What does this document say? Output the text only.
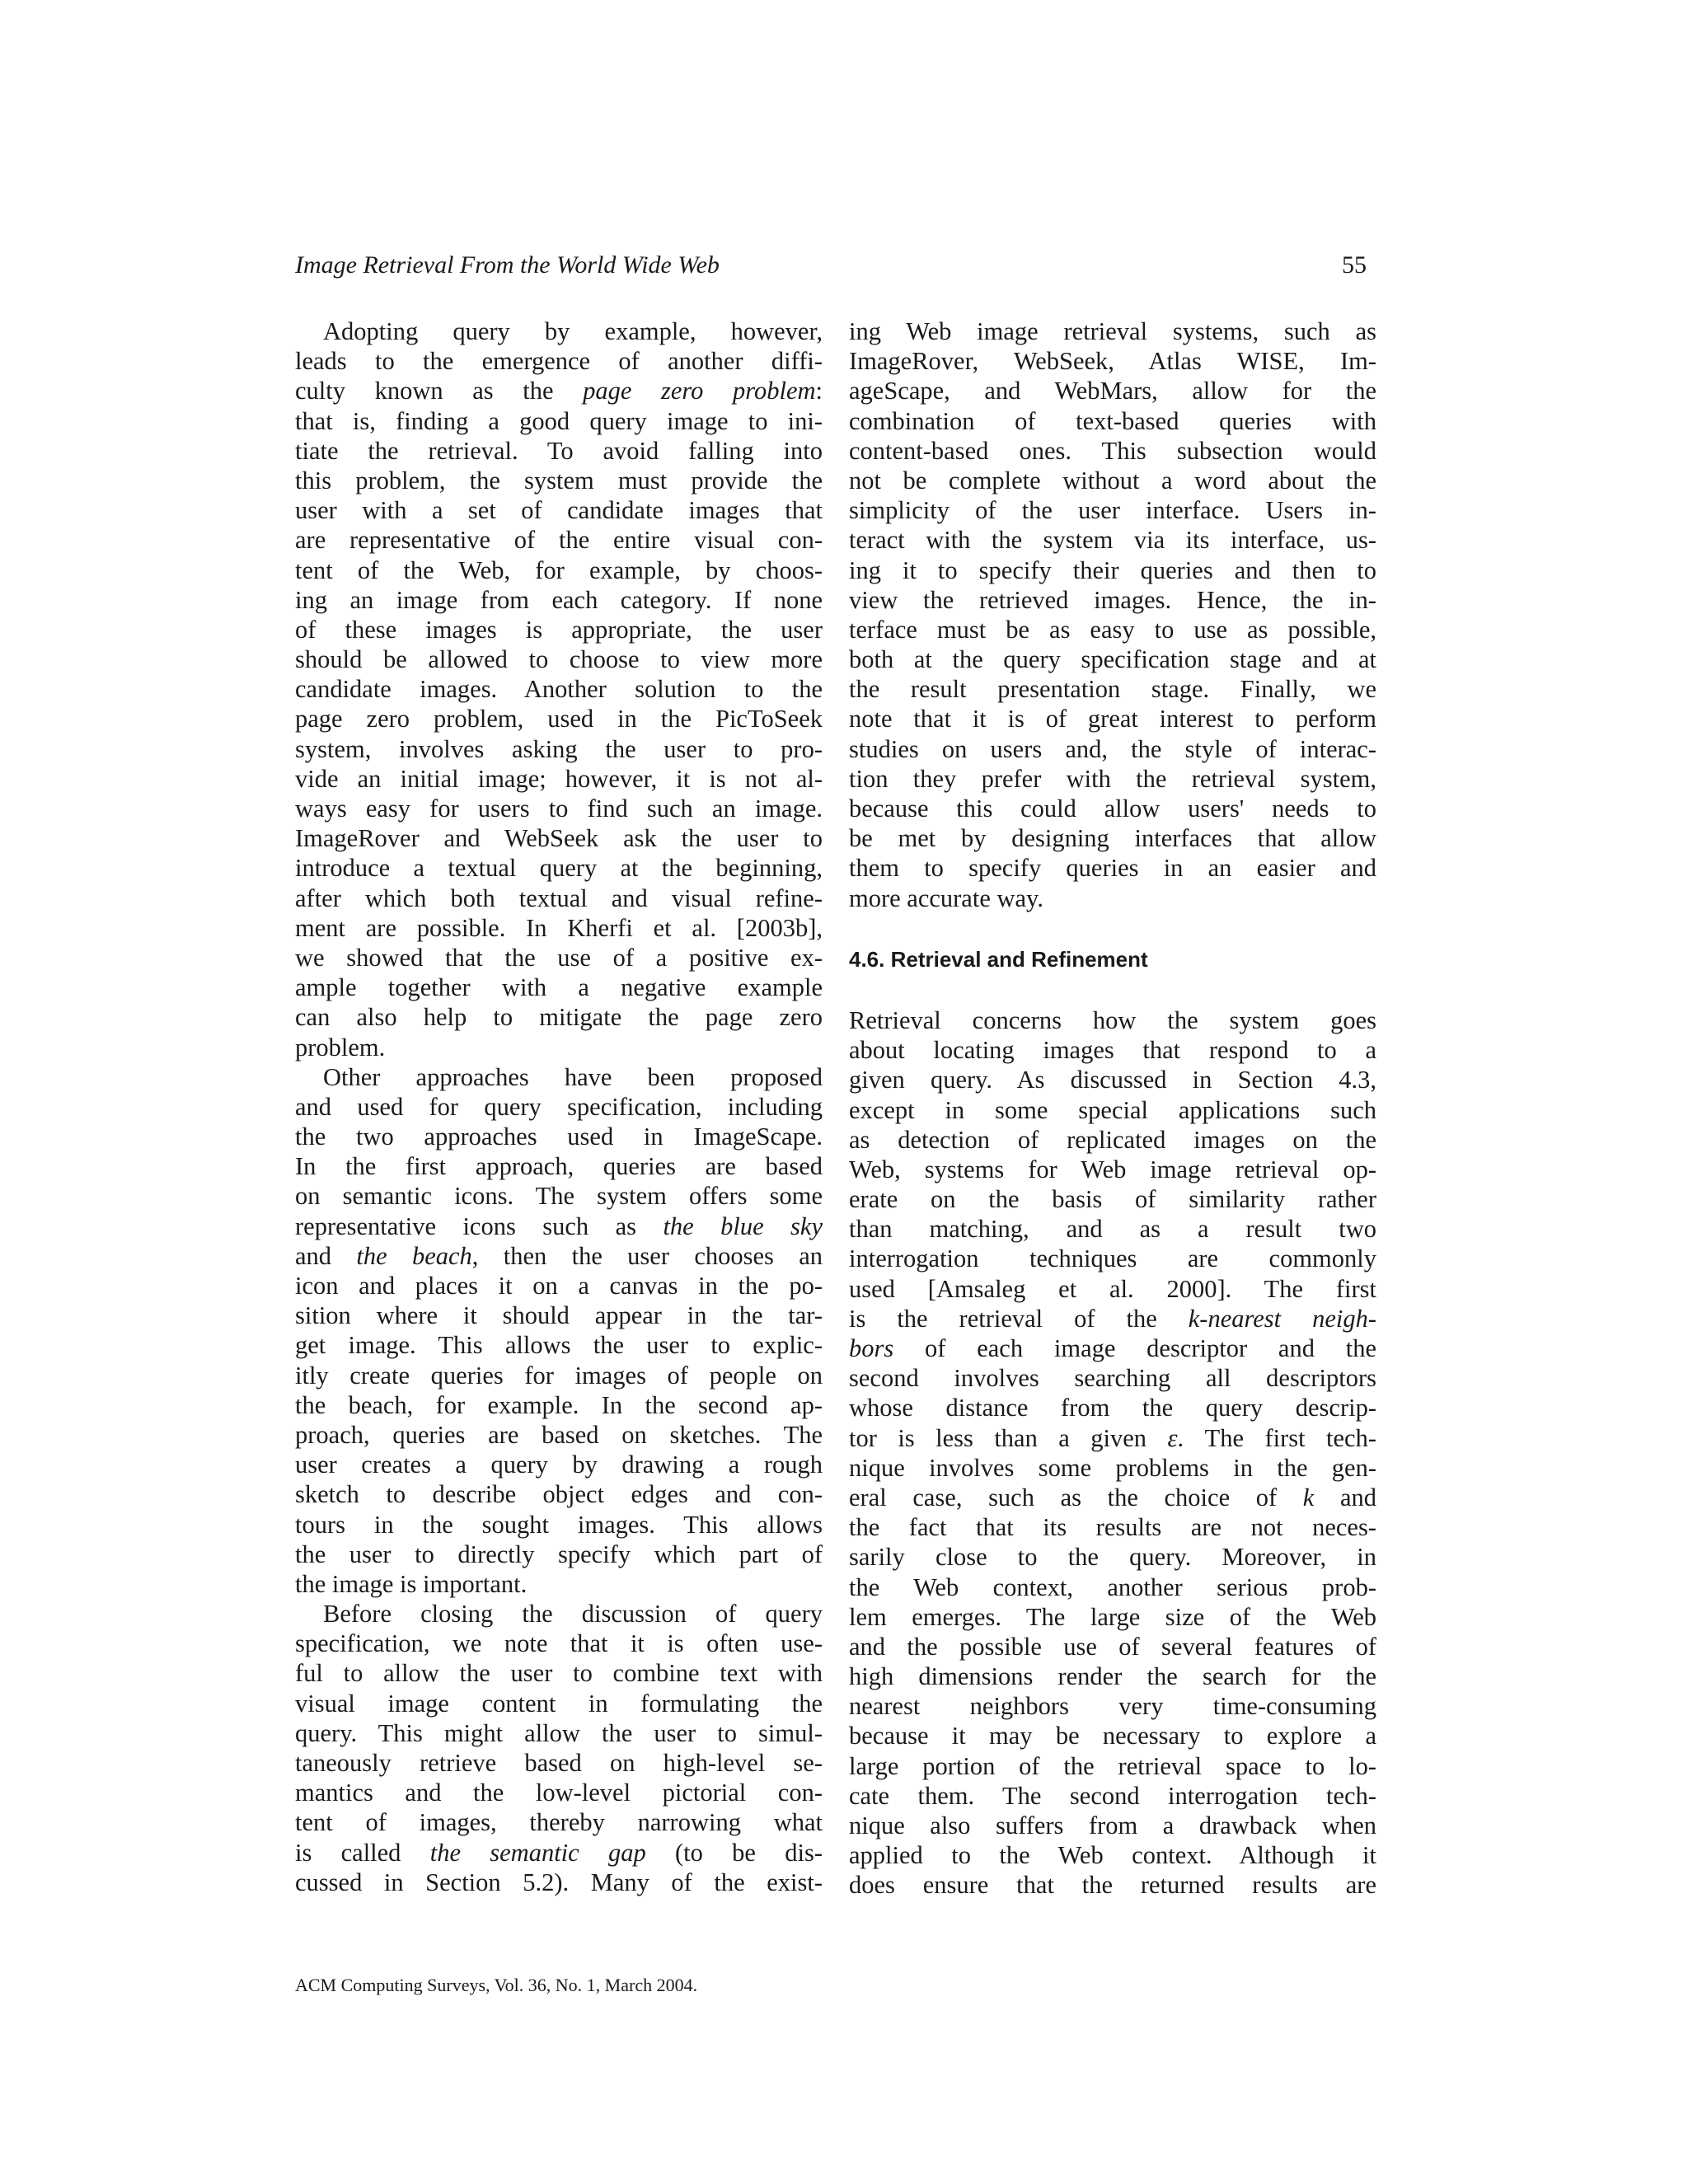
Image Retrieval From the World Wide Web	55
Adopting query by example, however,
leads to the emergence of another diffi-
culty known as the page zero problem:
that is, finding a good query image to ini-
tiate the retrieval. To avoid falling into
this problem, the system must provide the
user with a set of candidate images that
are representative of the entire visual con-
tent of the Web, for example, by choos-
ing an image from each category. If none
of these images is appropriate, the user
should be allowed to choose to view more
candidate images. Another solution to the
page zero problem, used in the PicToSeek
system, involves asking the user to pro-
vide an initial image; however, it is not al-
ways easy for users to find such an image.
ImageRover and WebSeek ask the user to
introduce a textual query at the beginning,
after which both textual and visual refine-
ment are possible. In Kherfi et al. [2003b],
we showed that the use of a positive ex-
ample together with a negative example
can also help to mitigate the page zero
problem.
Other approaches have been proposed
and used for query specification, including
the two approaches used in ImageScape.
In the first approach, queries are based
on semantic icons. The system offers some
representative icons such as the blue sky
and the beach, then the user chooses an
icon and places it on a canvas in the po-
sition where it should appear in the tar-
get image. This allows the user to explic-
itly create queries for images of people on
the beach, for example. In the second ap-
proach, queries are based on sketches. The
user creates a query by drawing a rough
sketch to describe object edges and con-
tours in the sought images. This allows
the user to directly specify which part of
the image is important.
Before closing the discussion of query
specification, we note that it is often use-
ful to allow the user to combine text with
visual image content in formulating the
query. This might allow the user to simul-
taneously retrieve based on high-level se-
mantics and the low-level pictorial con-
tent of images, thereby narrowing what
is called the semantic gap (to be dis-
cussed in Section 5.2). Many of the exist-
ing Web image retrieval systems, such as
ImageRover, WebSeek, Atlas WISE, Im-
ageScape, and WebMars, allow for the
combination of text-based queries with
content-based ones. This subsection would
not be complete without a word about the
simplicity of the user interface. Users in-
teract with the system via its interface, us-
ing it to specify their queries and then to
view the retrieved images. Hence, the in-
terface must be as easy to use as possible,
both at the query specification stage and at
the result presentation stage. Finally, we
note that it is of great interest to perform
studies on users and, the style of interac-
tion they prefer with the retrieval system,
because this could allow users' needs to
be met by designing interfaces that allow
them to specify queries in an easier and
more accurate way.
4.6. Retrieval and Refinement
Retrieval concerns how the system goes
about locating images that respond to a
given query. As discussed in Section 4.3,
except in some special applications such
as detection of replicated images on the
Web, systems for Web image retrieval op-
erate on the basis of similarity rather
than matching, and as a result two
interrogation techniques are commonly
used [Amsaleg et al. 2000]. The first
is the retrieval of the k-nearest neigh-
bors of each image descriptor and the
second involves searching all descriptors
whose distance from the query descrip-
tor is less than a given ε. The first tech-
nique involves some problems in the gen-
eral case, such as the choice of k and
the fact that its results are not neces-
sarily close to the query. Moreover, in
the Web context, another serious prob-
lem emerges. The large size of the Web
and the possible use of several features of
high dimensions render the search for the
nearest neighbors very time-consuming
because it may be necessary to explore a
large portion of the retrieval space to lo-
cate them. The second interrogation tech-
nique also suffers from a drawback when
applied to the Web context. Although it
does ensure that the returned results are
ACM Computing Surveys, Vol. 36, No. 1, March 2004.
